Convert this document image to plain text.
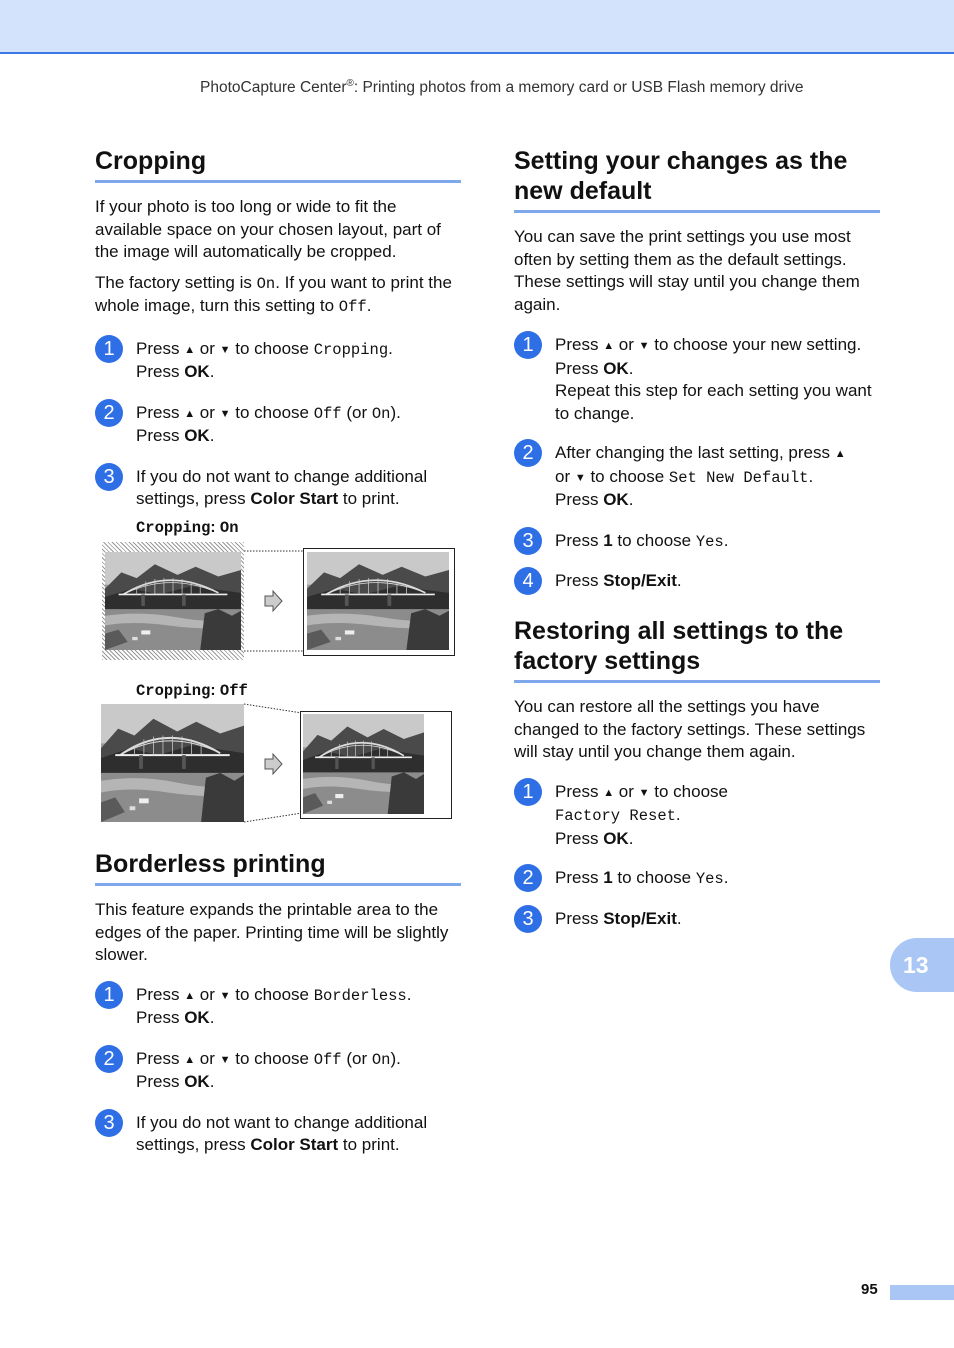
PhotoCapture Center®: Printing photos from a memory card or USB Flash memory drive
Cropping

If your photo is too long or wide to fit the available space on your chosen layout, part of the image will automatically be cropped.

The factory setting is On. If you want to print the whole image, turn this setting to Off.

1	Press ▲ or ▼ to choose Cropping.
Press OK.
2	Press ▲ or ▼ to choose Off (or On).
Press OK.
3	If you do not want to change additional settings, press Color Start to print.
Cropping: On
Cropping: Off
Borderless printing

This feature expands the printable area to the edges of the paper. Printing time will be slightly slower.

1	Press ▲ or ▼ to choose Borderless.
Press OK.
2	Press ▲ or ▼ to choose Off (or On).
Press OK.
3	If you do not want to change additional settings, press Color Start to print.
Setting your changes as the
new default

You can save the print settings you use most often by setting them as the default settings. These settings will stay until you change them again.

1	Press ▲ or ▼ to choose your new setting.
Press OK.
Repeat this step for each setting you want to change.
2	After changing the last setting, press ▲
or ▼ to choose Set New Default.
Press OK.
3	Press 1 to choose Yes.
4	Press Stop/Exit.
Restoring all settings to the
factory settings

You can restore all the settings you have changed to the factory settings. These settings will stay until you change them again.

1	Press ▲ or ▼ to choose
Factory Reset.
Press OK.
2	Press 1 to choose Yes.
3	Press Stop/Exit.
13
95
